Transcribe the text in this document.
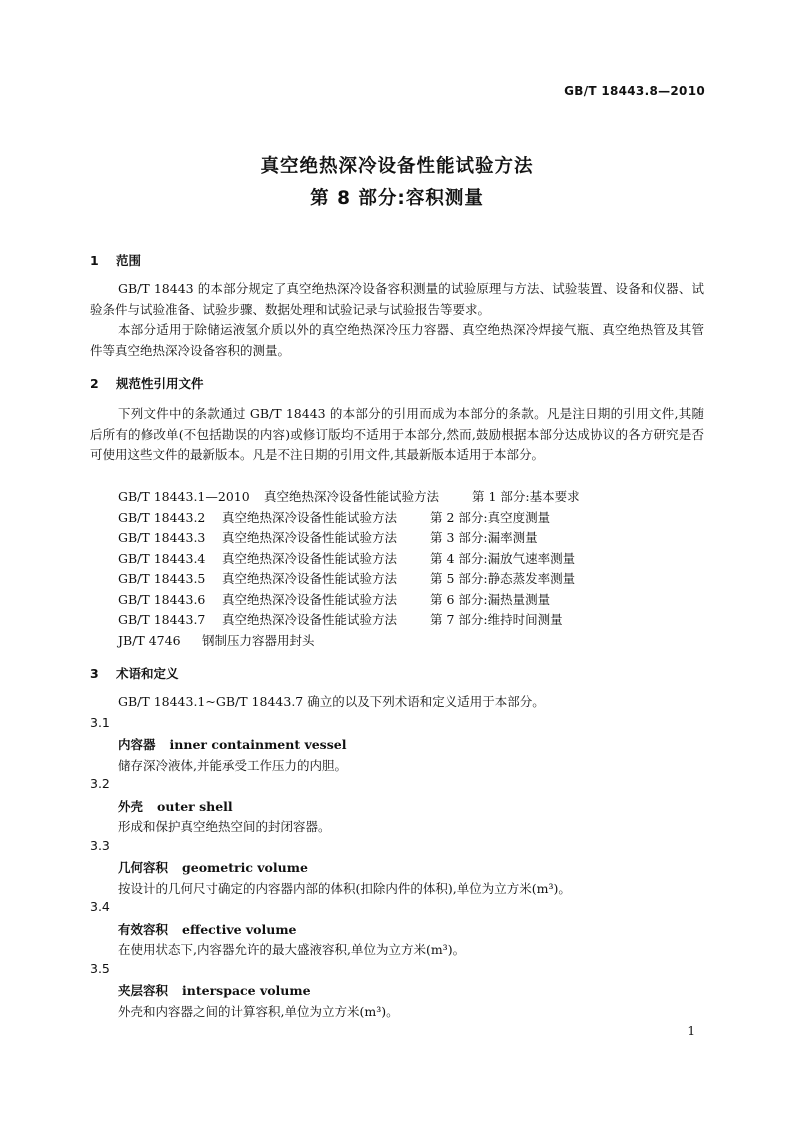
GB/T 18443.8—2010
真空绝热深冷设备性能试验方法
第 8 部分:容积测量
1 范围
GB/T 18443 的本部分规定了真空绝热深冷设备容积测量的试验原理与方法、试验装置、设备和仪器、试验条件与试验准备、试验步骤、数据处理和试验记录与试验报告等要求。
本部分适用于除储运液氢介质以外的真空绝热深冷压力容器、真空绝热深冷焊接气瓶、真空绝热管及其管件等真空绝热深冷设备容积的测量。
2 规范性引用文件
下列文件中的条款通过 GB/T 18443 的本部分的引用而成为本部分的条款。凡是注日期的引用文件,其随后所有的修改单(不包括勘误的内容)或修订版均不适用于本部分,然而,鼓励根据本部分达成协议的各方研究是否可使用这些文件的最新版本。凡是不注日期的引用文件,其最新版本适用于本部分。
GB/T 18443.1—2010 真空绝热深冷设备性能试验方法	第 1 部分:基本要求
GB/T 18443.2 真空绝热深冷设备性能试验方法	第 2 部分:真空度测量
GB/T 18443.3 真空绝热深冷设备性能试验方法	第 3 部分:漏率测量
GB/T 18443.4 真空绝热深冷设备性能试验方法	第 4 部分:漏放气速率测量
GB/T 18443.5 真空绝热深冷设备性能试验方法	第 5 部分:静态蒸发率测量
GB/T 18443.6 真空绝热深冷设备性能试验方法	第 6 部分:漏热量测量
GB/T 18443.7 真空绝热深冷设备性能试验方法	第 7 部分:维持时间测量
JB/T 4746 钢制压力容器用封头
3 术语和定义
GB/T 18443.1~GB/T 18443.7 确立的以及下列术语和定义适用于本部分。
3.1
内容器 inner containment vessel
储存深冷液体,并能承受工作压力的内胆。
3.2
外壳 outer shell
形成和保护真空绝热空间的封闭容器。
3.3
几何容积 geometric volume
按设计的几何尺寸确定的内容器内部的体积(扣除内件的体积),单位为立方米(m³)。
3.4
有效容积 effective volume
在使用状态下,内容器允许的最大盛液容积,单位为立方米(m³)。
3.5
夹层容积 interspace volume
外壳和内容器之间的计算容积,单位为立方米(m³)。
1
